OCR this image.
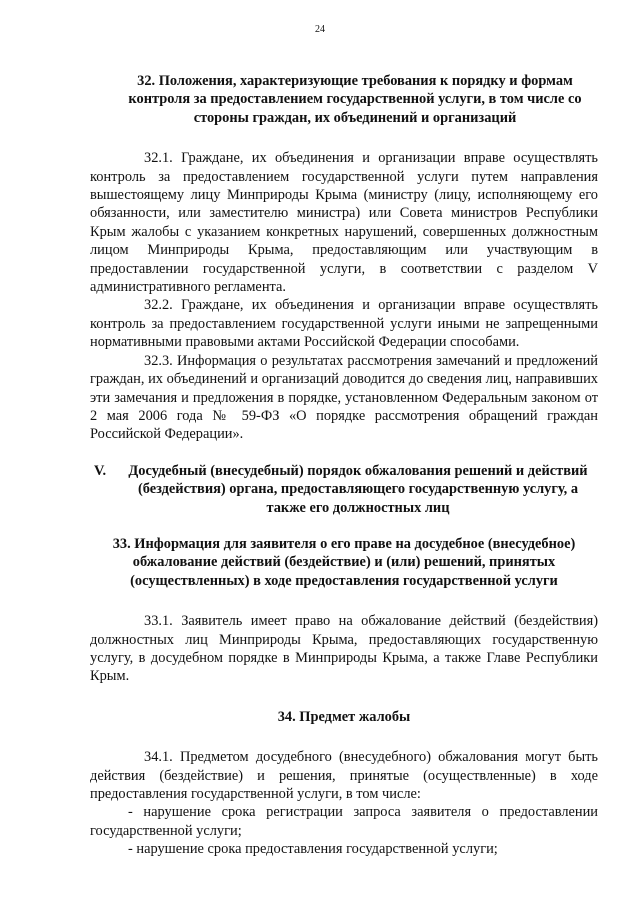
24

32. Положения, характеризующие требования к порядку и формам контроля за предоставлением государственной услуги, в том числе со стороны граждан, их объединений и организаций

32.1. Граждане, их объединения и организации вправе осуществлять контроль за предоставлением государственной услуги путем направления вышестоящему лицу Минприроды Крыма (министру (лицу, исполняющему его обязанности, или заместителю министра) или Совета министров Республики Крым жалобы с указанием конкретных нарушений, совершенных должностным лицом Минприроды Крыма, предоставляющим или участвующим в предоставлении государственной услуги, в соответствии с разделом V административного регламента.

32.2. Граждане, их объединения и организации вправе осуществлять контроль за предоставлением государственной услуги иными не запрещенными нормативными правовыми актами Российской Федерации способами.

32.3. Информация о результатах рассмотрения замечаний и предложений граждан, их объединений и организаций доводится до сведения лиц, направивших эти замечания и предложения в порядке, установленном Федеральным законом от 2 мая 2006 года № 59-ФЗ «О порядке рассмотрения обращений граждан Российской Федерации».

V.	Досудебный (внесудебный) порядок обжалования решений и действий (бездействия) органа, предоставляющего государственную услугу, а также его должностных лиц

33. Информация для заявителя о его праве на досудебное (внесудебное) обжалование действий (бездействие) и (или) решений, принятых (осуществленных) в ходе предоставления государственной услуги

33.1. Заявитель имеет право на обжалование действий (бездействия) должностных лиц Минприроды Крыма, предоставляющих государственную услугу, в досудебном порядке в Минприроды Крыма, а также Главе Республики Крым.

34. Предмет жалобы

34.1. Предметом досудебного (внесудебного) обжалования могут быть действия (бездействие) и решения, принятые (осуществленные) в ходе предоставления государственной услуги, в том числе:

- нарушение срока регистрации запроса заявителя о предоставлении государственной услуги;

- нарушение срока предоставления государственной услуги;
